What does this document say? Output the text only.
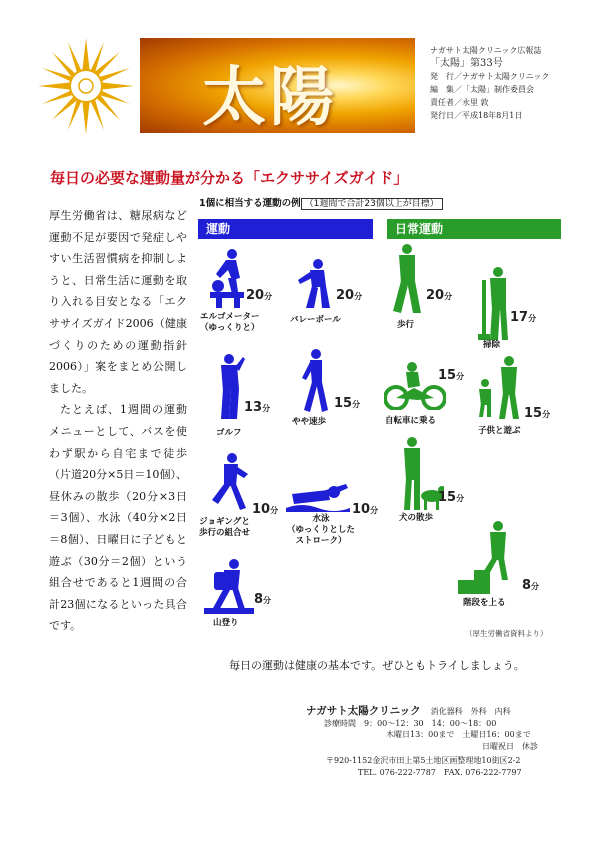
太陽
ナガサト太陽クリニック広報誌
「太陽」第33号
発　行／ナガサト太陽クリニック
編　集／「太陽」制作委員会
責任者／永里 敦
発行日／平成18年8月1日
毎日の必要な運動量が分かる「エクササイズガイド」

厚生労働省は、糖尿病など運動不足が要因で発症しやすい生活習慣病を抑制しようと、日常生活に運動を取り入れる目安となる「エクササイズガイド2006（健康づくりのための運動指針2006）」案をまとめ公開しました。

たとえば、1週間の運動メニューとして、バスを使わず駅から自宅まで徒歩（片道20分×5日＝10個）、昼休みの散歩（20分×3日＝3個）、水泳（40分×2日＝8個）、日曜日に子どもと遊ぶ（30分＝2個）という組合せであると1週間の合計23個になるといった具合です。

1個に相当する運動の例 （1週間で合計23個以上が目標）
運動	日常運動
20分
エルゴメーター
（ゆっくりと）
20分
バレーボール
13分
ゴルフ
15分
やや速歩
10分
ジョギングと
歩行の組合せ
10分
水泳
（ゆっくりとした
ストローク）
8分
山登り
20分
歩行	17分
掃除
15分
自転車に乗る	15分
子供と遊ぶ
15分
犬の散歩
8分
階段を上る
（厚生労働省資料より）
毎日の運動は健康の基本です。ぜひともトライしましょう。
ナガサト太陽クリニック 消化器科　外科　内科
診療時間　 9：00～12：30　14：00～18：00
木曜日13：00まで　土曜日16：00まで
日曜祝日　休診
〒920-1152金沢市田上第5土地区画整理地10街区2-2
TEL. 076-222-7787　FAX. 076-222-7797
